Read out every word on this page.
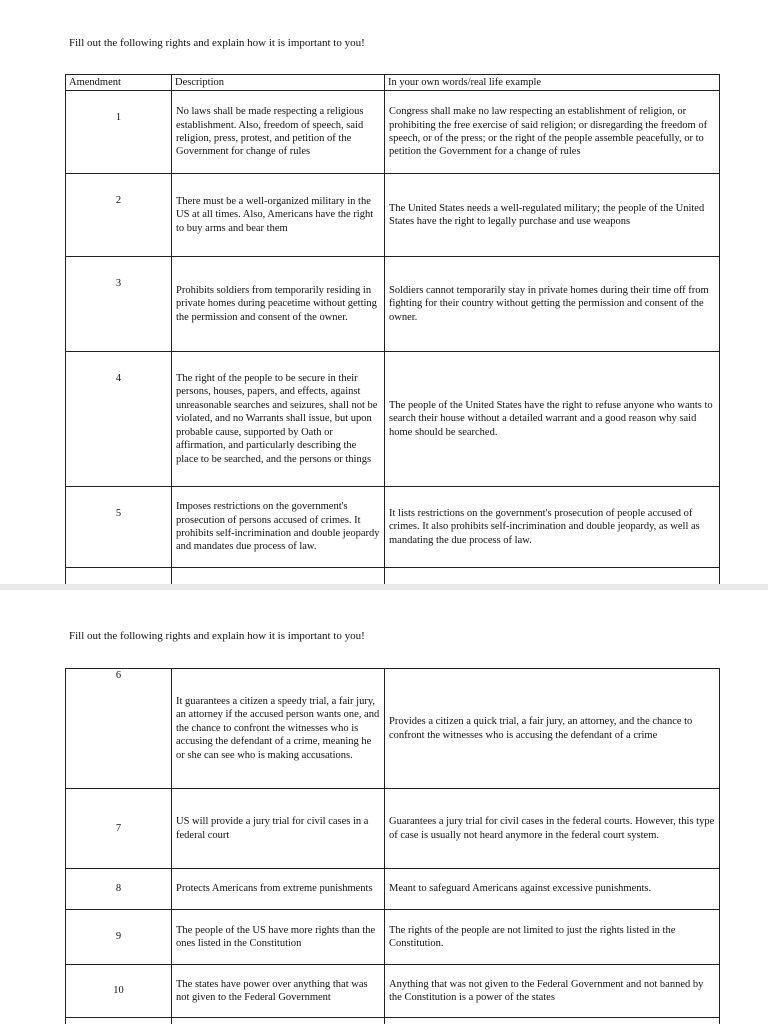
Fill out the following rights and explain how it is important to you!
Amendment	Description	In your own words/real life example
1	No laws shall be made respecting a religious establishment. Also, freedom of speech, said religion, press, protest, and petition of the Government for change of rules	Congress shall make no law respecting an establishment of religion, or prohibiting the free exercise of said religion; or disregarding the freedom of speech, or of the press; or the right of the people assemble peacefully, or to petition the Government for a change of rules
2	There must be a well-organized military in the US at all times. Also, Americans have the right to buy arms and bear them	The United States needs a well-regulated military; the people of the United States have the right to legally purchase and use weapons
3	Prohibits soldiers from temporarily residing in private homes during peacetime without getting the permission and consent of the owner.	Soldiers cannot temporarily stay in private homes during their time off from fighting for their country without getting the permission and consent of the owner.
4	The right of the people to be secure in their persons, houses, papers, and effects, against unreasonable searches and seizures, shall not be violated, and no Warrants shall issue, but upon probable cause, supported by Oath or affirmation, and particularly describing the place to be searched, and the persons or things	The people of the United States have the right to refuse anyone who wants to search their house without a detailed warrant and a good reason why said home should be searched.
5	Imposes restrictions on the government's prosecution of persons accused of crimes. It prohibits self-incrimination and double jeopardy and mandates due process of law.	It lists restrictions on the government's prosecution of people accused of crimes. It also prohibits self-incrimination and double jeopardy, as well as mandating the due process of law.

Fill out the following rights and explain how it is important to you!
6	It guarantees a citizen a speedy trial, a fair jury, an attorney if the accused person wants one, and the chance to confront the witnesses who is accusing the defendant of a crime, meaning he or she can see who is making accusations.	Provides a citizen a quick trial, a fair jury, an attorney, and the chance to confront the witnesses who is accusing the defendant of a crime
7	US will provide a jury trial for civil cases in a federal court	Guarantees a jury trial for civil cases in the federal courts. However, this type of case is usually not heard anymore in the federal court system.
8	Protects Americans from extreme punishments	Meant to safeguard Americans against excessive punishments.
9	The people of the US have more rights than the ones listed in the Constitution	The rights of the people are not limited to just the rights listed in the Constitution.
10	The states have power over anything that was not given to the Federal Government	Anything that was not given to the Federal Government and not banned by the Constitution is a power of the states
